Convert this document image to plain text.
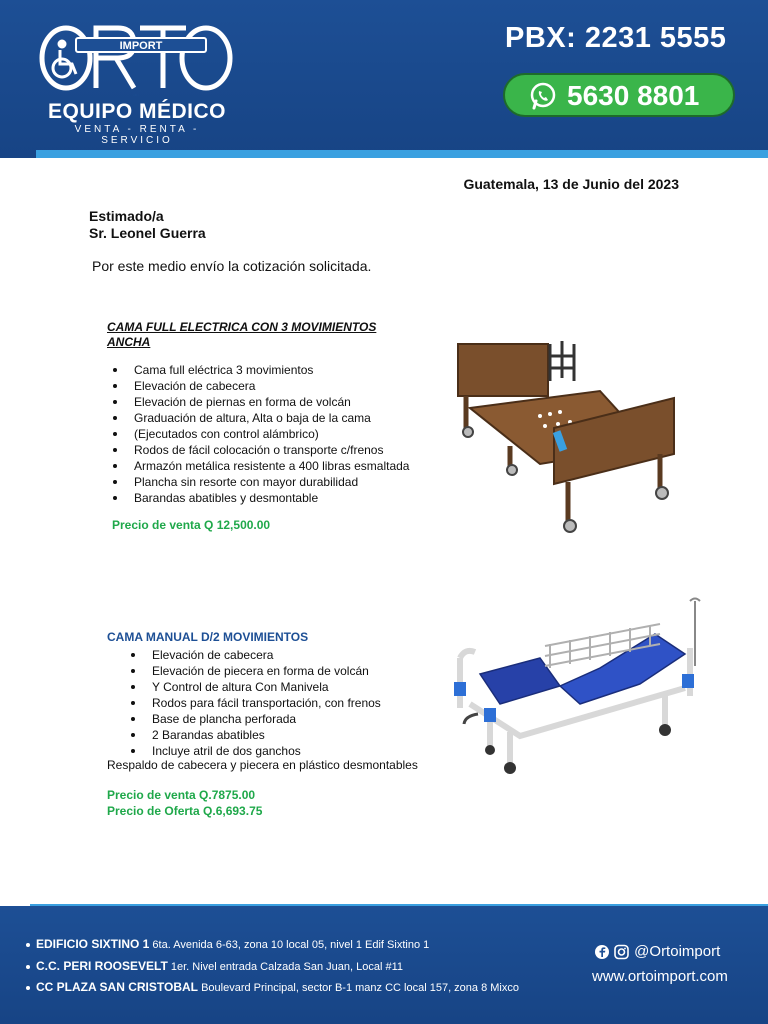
IMPORT
ORTO
EQUIPO MÉDICO
VENTA - RENTA - SERVICIO
PBX: 2231 5555
5630 8801
Guatemala, 13 de Junio del 2023
Estimado/a
Sr. Leonel Guerra
Por este medio envío la cotización solicitada.
CAMA FULL ELECTRICA CON 3 MOVIMIENTOS
ANCHA
Cama full eléctrica 3 movimientos
Elevación de cabecera
Elevación de piernas en forma de volcán
Graduación de altura, Alta o baja de la cama
(Ejecutados con control alámbrico)
Rodos de fácil colocación o transporte c/frenos
Armazón metálica resistente a 400 libras esmaltada
Plancha sin resorte con mayor durabilidad
Barandas abatibles y desmontable
Precio de venta Q 12,500.00
CAMA MANUAL D/2 MOVIMIENTOS
Elevación de cabecera
Elevación de piecera en forma de volcán
Y Control de altura Con Manivela
Rodos para fácil transportación, con frenos
Base de plancha perforada
2 Barandas abatibles
Incluye atril de dos ganchos
Respaldo de cabecera y piecera en plástico desmontables
Precio de venta Q.7875.00
Precio de Oferta Q.6,693.75
EDIFICIO SIXTINO 1 6ta. Avenida 6-63, zona 10 local 05, nivel 1 Edif Sixtino 1
C.C. PERI ROOSEVELT 1er. Nivel entrada Calzada San Juan, Local #11
CC PLAZA SAN CRISTOBAL Boulevard Principal, sector B-1 manz CC local 157, zona 8 Mixco
@Ortoimport
www.ortoimport.com
